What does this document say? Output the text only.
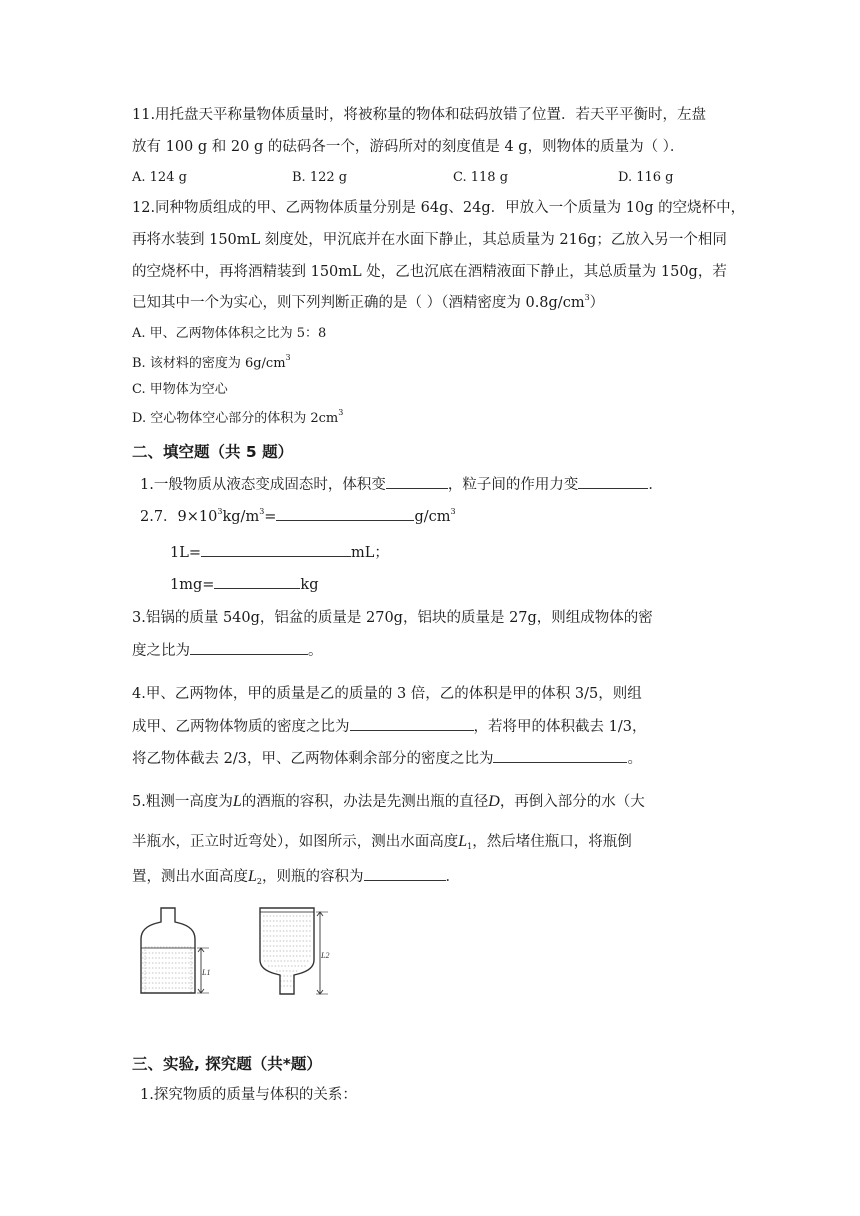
11.用托盘天平称量物体质量时，将被称量的物体和砝码放错了位置．若天平平衡时，左盘
放有 100 g 和 20 g 的砝码各一个，游码所对的刻度值是 4 g，则物体的质量为（ ）．
A. 124 g	B. 122 g	C. 118 g	D. 116 g
12.同种物质组成的甲、乙两物体质量分别是 64g、24g．甲放入一个质量为 10g 的空烧杯中，
再将水装到 150mL 刻度处，甲沉底并在水面下静止，其总质量为 216g；乙放入另一个相同
的空烧杯中，再将酒精装到 150mL 处，乙也沉底在酒精液面下静止，其总质量为 150g，若
已知其中一个为实心，则下列判断正确的是（ ）（酒精密度为 $0.8g/cm^3$）
A. 甲、乙两物体体积之比为 5：8
B. 该材料的密度为 $6g/cm^3$
C. 甲物体为空心
D. 空心物体空心部分的体积为 $2cm^3$
二、填空题（共 5 题）
1.一般物质从液态变成固态时，体积变	，粒子间的作用力变	．
2.7．$9\times 10^3kg/m^3=$	$g/cm^3$
1L=	mL；
1mg=	kg
3.铝锅的质量 540g，铝盆的质量是 270g，铝块的质量是 27g，则组成物体的密
度之比为	。
4.甲、乙两物体，甲的质量是乙的质量的 3 倍，乙的体积是甲的体积 3/5，则组
成甲、乙两物体物质的密度之比为	，若将甲的体积截去 1/3，
将乙物体截去 2/3，甲、乙两物体剩余部分的密度之比为	。
5.粗测一高度为L的酒瓶的容积，办法是先测出瓶的直径D，再倒入部分的水（大
半瓶水，正立时近弯处），如图所示，测出水面高度$L_1$，然后堵住瓶口，将瓶倒
置，测出水面高度$L_2$，则瓶的容积为	．
L1
L2
三、实验, 探究题（共*题）
1.探究物质的质量与体积的关系：
